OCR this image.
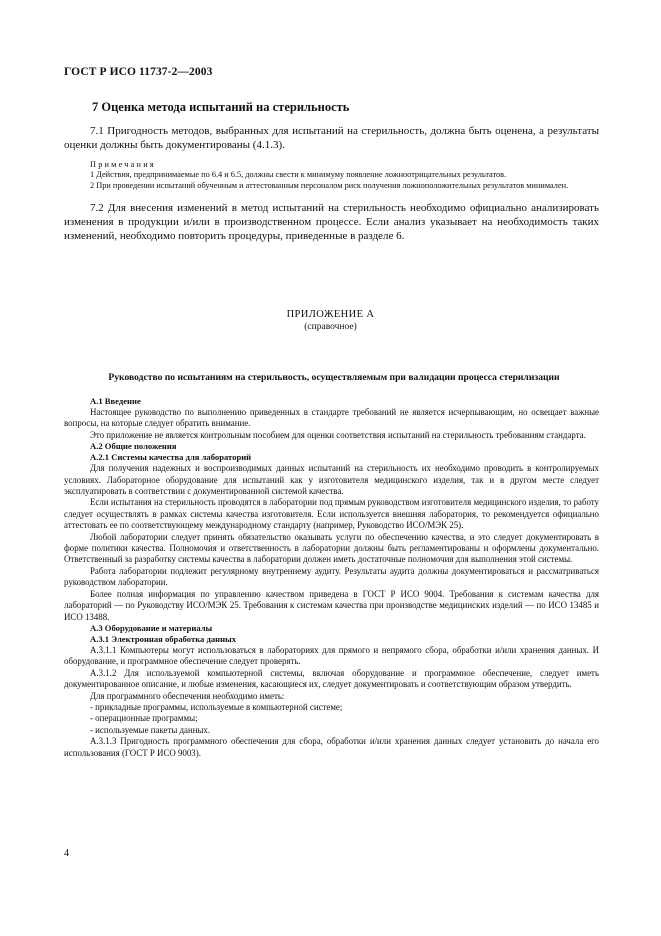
ГОСТ Р ИСО 11737-2—2003
7 Оценка метода испытаний на стерильность

7.1 Пригодность методов, выбранных для испытаний на стерильность, должна быть оценена, а результаты оценки должны быть документированы (4.1.3).

Примечания

1 Действия, предпринимаемые по 6.4 и 6.5, должны свести к минимуму появление ложноотрицательных результатов.

2 При проведении испытаний обученным и аттестованным персоналом риск получения ложноположительных результатов минимален.

7.2 Для внесения изменений в метод испытаний на стерильность необходимо официально анализировать изменения в продукции и/или в производственном процессе. Если анализ указывает на необходимость таких изменений, необходимо повторить процедуры, приведенные в разделе 6.

ПРИЛОЖЕНИЕ А
(справочное)
Руководство по испытаниям на стерильность, осуществляемым при валидации процесса стерилизации

А.1 Введение

Настоящее руководство по выполнению приведенных в стандарте требований не является исчерпывающим, но освещает важные вопросы, на которые следует обратить внимание.

Это приложение не является контрольным пособием для оценки соответствия испытаний на стерильность требованиям стандарта.

А.2 Общие положения

А.2.1 Системы качества для лабораторий

Для получения надежных и воспроизводимых данных испытаний на стерильность их необходимо проводить в контролируемых условиях. Лабораторное оборудование для испытаний как у изготовителя медицинского изделия, так и в другом месте следует эксплуатировать в соответствии с документированной системой качества.

Если испытания на стерильность проводятся в лаборатории под прямым руководством изготовителя медицинского изделия, то работу следует осуществлять в рамках системы качества изготовителя. Если используется внешняя лаборатория, то рекомендуется официально аттестовать ее по соответствующему международному стандарту (например, Руководство ИСО/МЭК 25).

Любой лаборатории следует принять обязательство оказывать услуги по обеспечению качества, и это следует документировать в форме политики качества. Полномочия и ответственность в лаборатории должны быть регламентированы и оформлены документально. Ответственный за разработку системы качества в лаборатории должен иметь достаточные полномочия для выполнения этой системы.

Работа лаборатории подлежит регулярному внутреннему аудиту. Результаты аудита должны документироваться и рассматриваться руководством лаборатории.

Более полная информация по управлению качеством приведена в ГОСТ Р ИСО 9004. Требования к системам качества для лабораторий — по Руководству ИСО/МЭК 25. Требования к системам качества при производстве медицинских изделий — по ИСО 13485 и ИСО 13488.

А.3 Оборудование и материалы

А.3.1 Электронная обработка данных

А.3.1.1 Компьютеры могут использоваться в лабораториях для прямого и непрямого сбора, обработки и/или хранения данных. И оборудование, и программное обеспечение следует проверять.

А.3.1.2 Для используемой компьютерной системы, включая оборудование и программное обеспечение, следует иметь документированное описание, и любые изменения, касающиеся их, следует документировать и соответствующим образом утвердить.

Для программного обеспечения необходимо иметь:

- прикладные программы, используемые в компьютерной системе;

- операционные программы;

- используемые пакеты данных.

А.3.1.3 Пригодность программного обеспечения для сбора, обработки и/или хранения данных следует установить до начала его использования (ГОСТ Р ИСО 9003).

4
